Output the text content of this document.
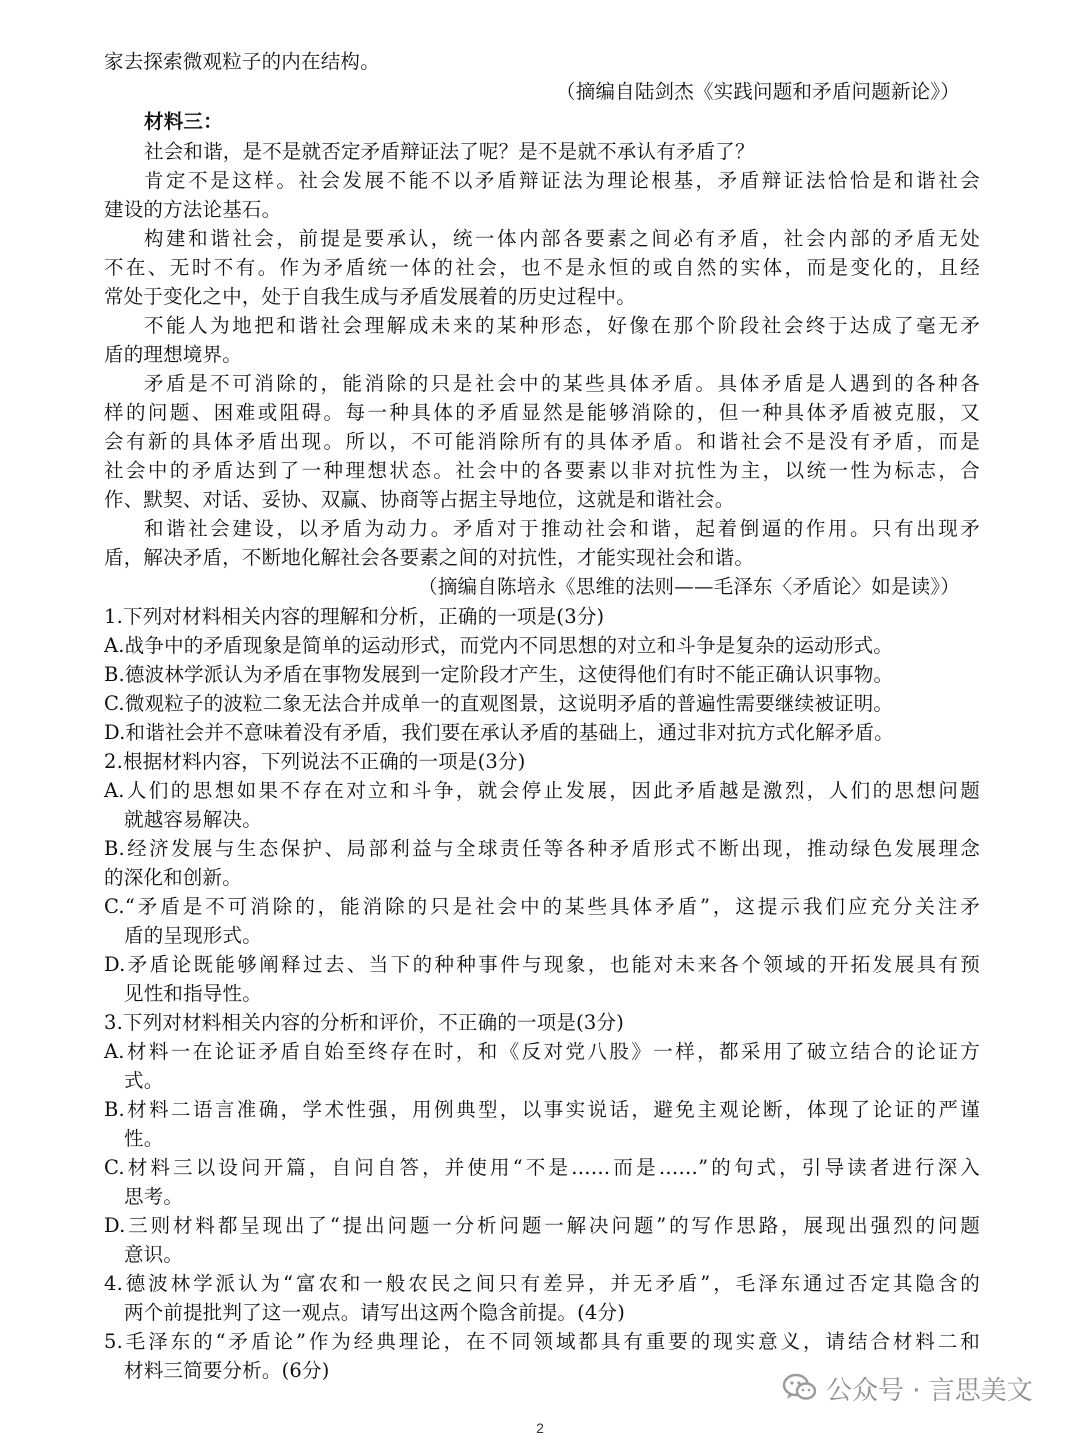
家去探索微观粒子的内在结构。
（摘编自陆剑杰《实践问题和矛盾问题新论》）
材料三：
社会和谐，是不是就否定矛盾辩证法了呢？是不是就不承认有矛盾了？
肯定不是这样。社会发展不能不以矛盾辩证法为理论根基，矛盾辩证法恰恰是和谐社会
建设的方法论基石。
构建和谐社会，前提是要承认，统一体内部各要素之间必有矛盾，社会内部的矛盾无处
不在、无时不有。作为矛盾统一体的社会，也不是永恒的或自然的实体，而是变化的，且经
常处于变化之中，处于自我生成与矛盾发展着的历史过程中。
不能人为地把和谐社会理解成未来的某种形态，好像在那个阶段社会终于达成了毫无矛
盾的理想境界。
矛盾是不可消除的，能消除的只是社会中的某些具体矛盾。具体矛盾是人遇到的各种各
样的问题、困难或阻碍。每一种具体的矛盾显然是能够消除的，但一种具体矛盾被克服，又
会有新的具体矛盾出现。所以，不可能消除所有的具体矛盾。和谐社会不是没有矛盾，而是
社会中的矛盾达到了一种理想状态。社会中的各要素以非对抗性为主，以统一性为标志，合
作、默契、对话、妥协、双赢、协商等占据主导地位，这就是和谐社会。
和谐社会建设，以矛盾为动力。矛盾对于推动社会和谐，起着倒逼的作用。只有出现矛
盾，解决矛盾，不断地化解社会各要素之间的对抗性，才能实现社会和谐。
（摘编自陈培永《思维的法则——毛泽东〈矛盾论〉如是读》）
1.下列对材料相关内容的理解和分析，正确的一项是(3分)
A.战争中的矛盾现象是简单的运动形式，而党内不同思想的对立和斗争是复杂的运动形式。
B.德波林学派认为矛盾在事物发展到一定阶段才产生，这使得他们有时不能正确认识事物。
C.微观粒子的波粒二象无法合并成单一的直观图景，这说明矛盾的普遍性需要继续被证明。
D.和谐社会并不意味着没有矛盾，我们要在承认矛盾的基础上，通过非对抗方式化解矛盾。
2.根据材料内容，下列说法不正确的一项是(3分)
A.人们的思想如果不存在对立和斗争，就会停止发展，因此矛盾越是激烈，人们的思想问题
就越容易解决。
B.经济发展与生态保护、局部利益与全球责任等各种矛盾形式不断出现，推动绿色发展理念
的深化和创新。
C.“矛盾是不可消除的，能消除的只是社会中的某些具体矛盾”，这提示我们应充分关注矛
盾的呈现形式。
D.矛盾论既能够阐释过去、当下的种种事件与现象，也能对未来各个领域的开拓发展具有预
见性和指导性。
3.下列对材料相关内容的分析和评价，不正确的一项是(3分)
A.材料一在论证矛盾自始至终存在时，和《反对党八股》一样，都采用了破立结合的论证方
式。
B.材料二语言准确，学术性强，用例典型，以事实说话，避免主观论断，体现了论证的严谨
性。
C.材料三以设问开篇，自问自答，并使用“不是……而是……”的句式，引导读者进行深入
思考。
D.三则材料都呈现出了“提出问题一分析问题一解决问题”的写作思路，展现出强烈的问题
意识。
4.德波林学派认为“富农和一般农民之间只有差异，并无矛盾”，毛泽东通过否定其隐含的
两个前提批判了这一观点。请写出这两个隐含前提。(4分)
5.毛泽东的“矛盾论”作为经典理论，在不同领域都具有重要的现实意义，请结合材料二和
材料三简要分析。(6分)
公众号 · 言思美文
2
